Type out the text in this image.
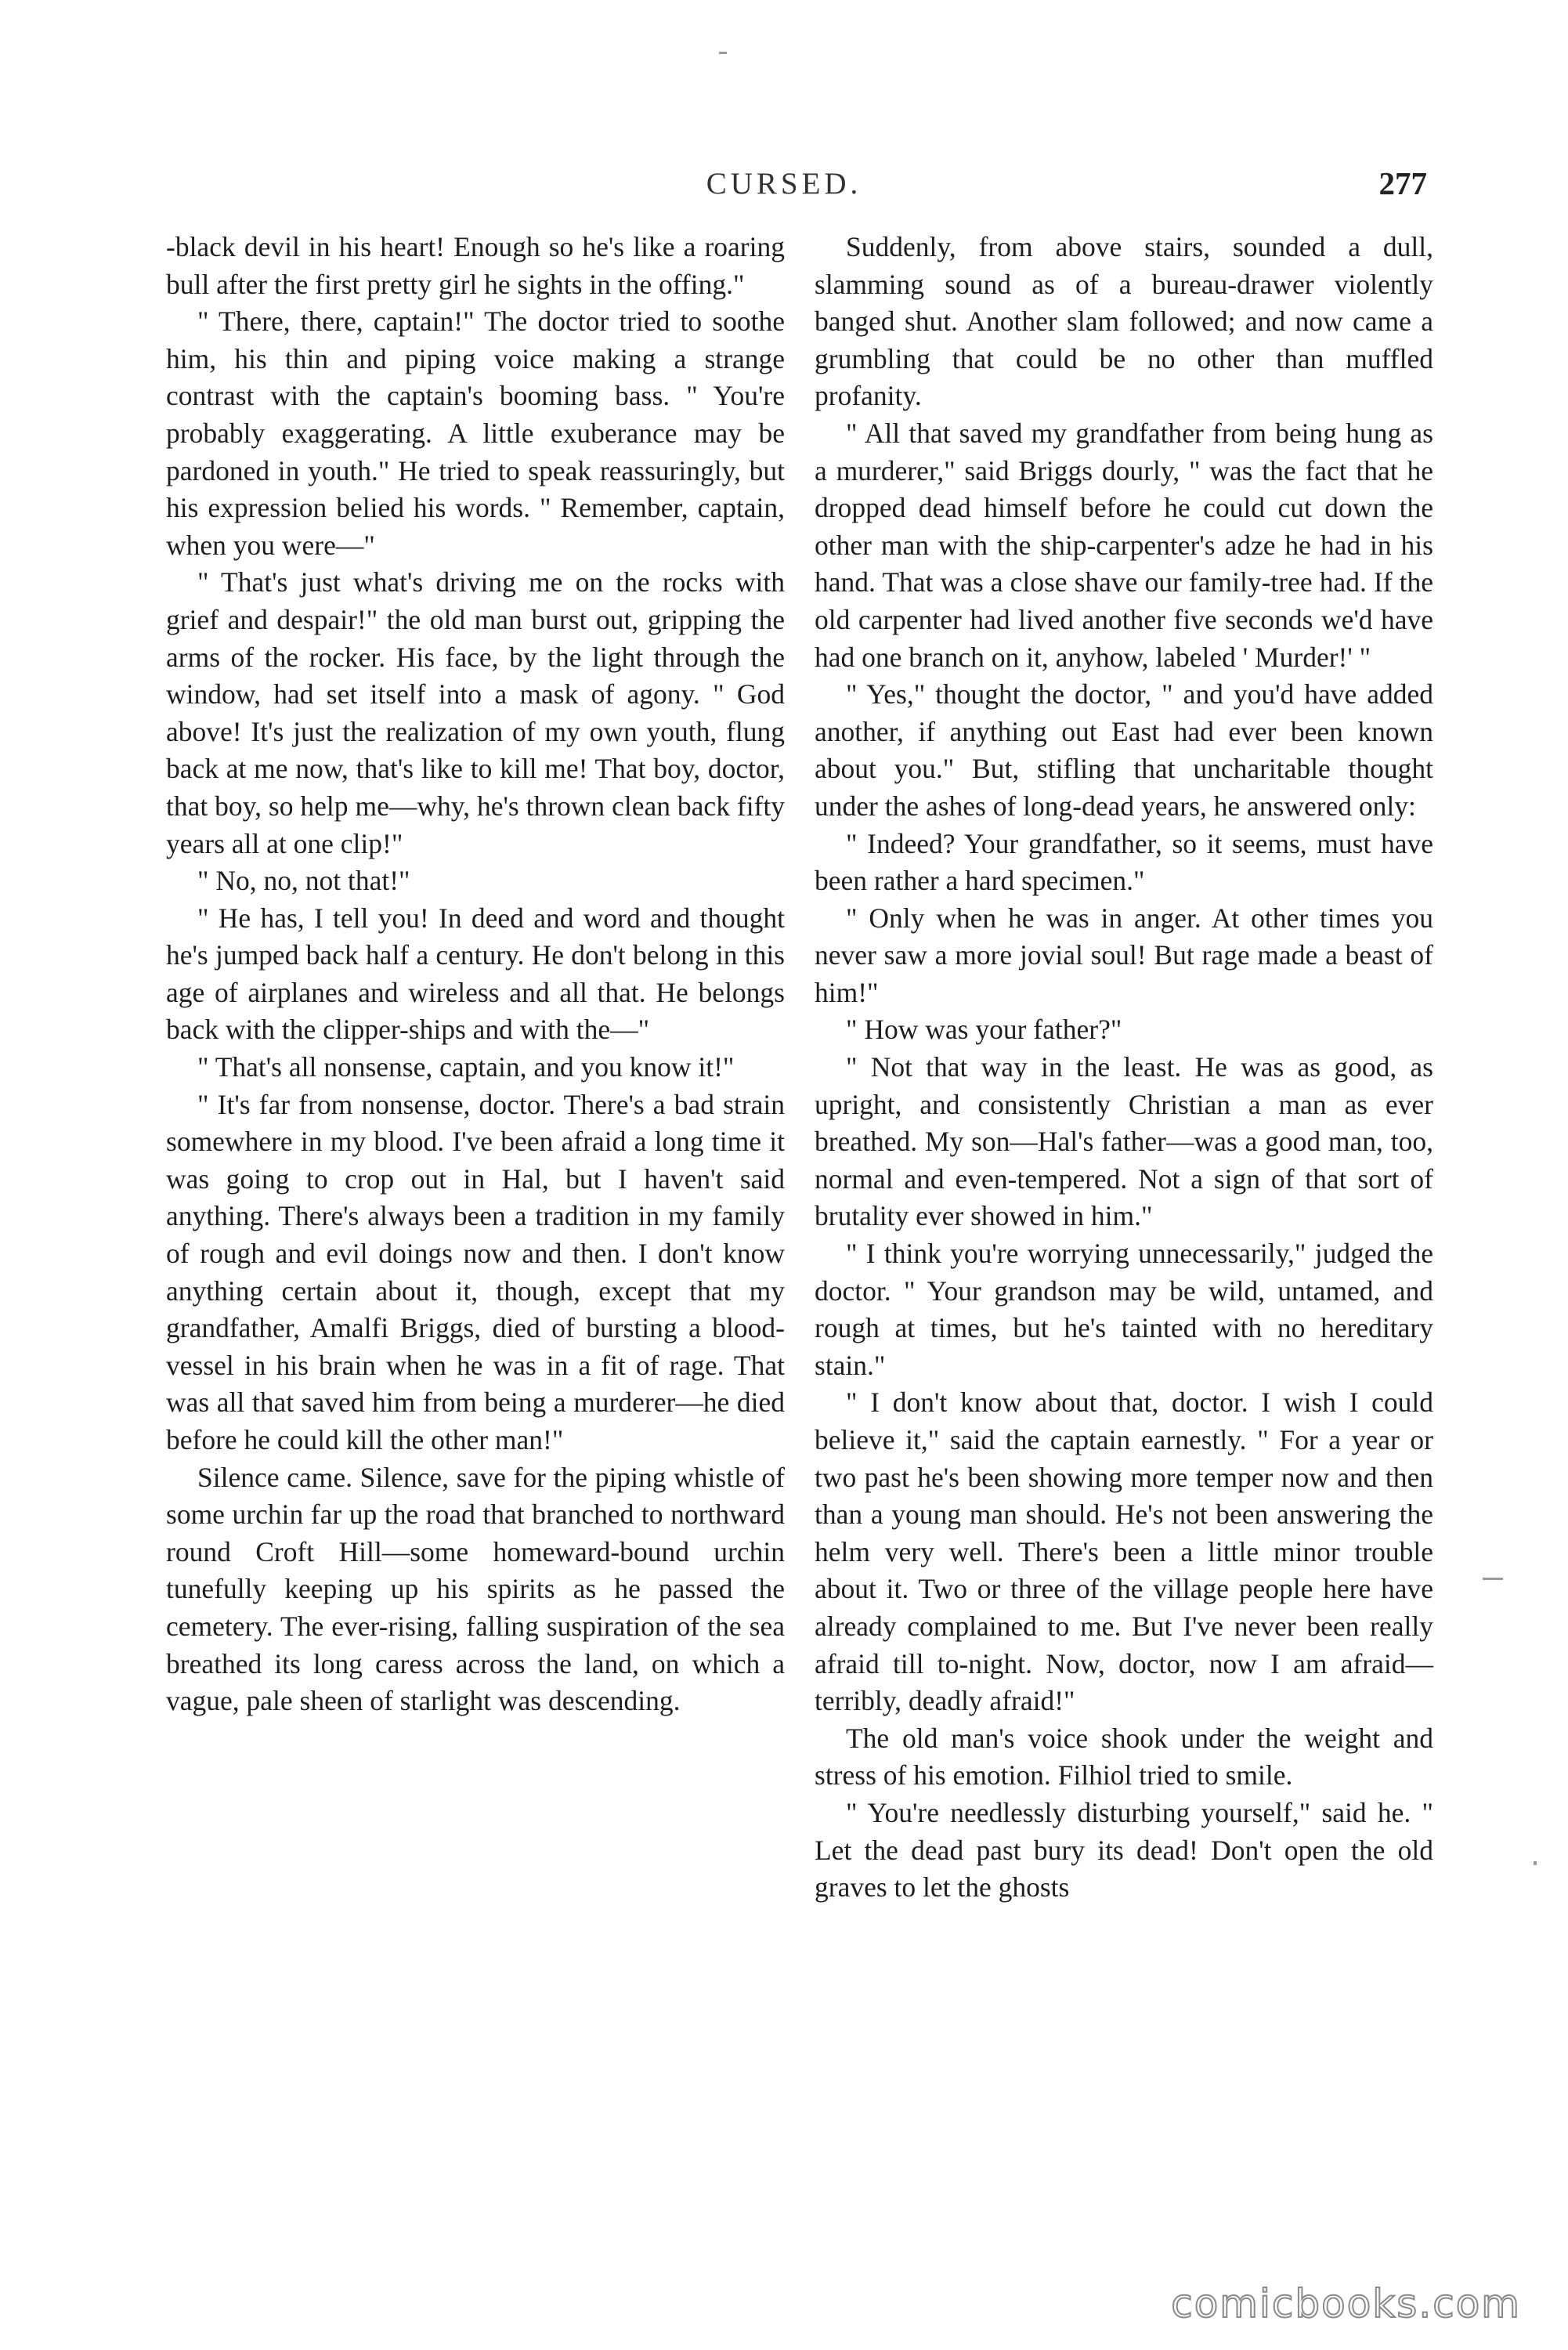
CURSED.	277

-black devil in his heart! Enough so he's like a roaring bull after the first pretty girl he sights in the offing."

" There, there, captain!" The doctor tried to soothe him, his thin and piping voice making a strange contrast with the captain's booming bass. " You're probably exaggerating. A little exuberance may be pardoned in youth." He tried to speak reassuringly, but his expression belied his words. " Remember, captain, when you were—"

" That's just what's driving me on the rocks with grief and despair!" the old man burst out, gripping the arms of the rocker. His face, by the light through the window, had set itself into a mask of agony. " God above! It's just the realization of my own youth, flung back at me now, that's like to kill me! That boy, doctor, that boy, so help me—why, he's thrown clean back fifty years all at one clip!"

" No, no, not that!"

" He has, I tell you! In deed and word and thought he's jumped back half a century. He don't belong in this age of airplanes and wireless and all that. He belongs back with the clipper-ships and with the—"

" That's all nonsense, captain, and you know it!"

" It's far from nonsense, doctor. There's a bad strain somewhere in my blood. I've been afraid a long time it was going to crop out in Hal, but I haven't said anything. There's always been a tradition in my family of rough and evil doings now and then. I don't know anything certain about it, though, except that my grandfather, Amalfi Briggs, died of bursting a blood-vessel in his brain when he was in a fit of rage. That was all that saved him from being a murderer—he died before he could kill the other man!"

Silence came. Silence, save for the piping whistle of some urchin far up the road that branched to northward round Croft Hill—some homeward-bound urchin tunefully keeping up his spirits as he passed the cemetery. The ever-rising, falling suspiration of the sea breathed its long caress across the land, on which a vague, pale sheen of starlight was descending.

Suddenly, from above stairs, sounded a dull, slamming sound as of a bureau-drawer violently banged shut. Another slam followed; and now came a grumbling that could be no other than muffled profanity.

" All that saved my grandfather from being hung as a murderer," said Briggs dourly, " was the fact that he dropped dead himself before he could cut down the other man with the ship-carpenter's adze he had in his hand. That was a close shave our family-tree had. If the old carpenter had lived another five seconds we'd have had one branch on it, anyhow, labeled ' Murder!' "

" Yes," thought the doctor, " and you'd have added another, if anything out East had ever been known about you." But, stifling that uncharitable thought under the ashes of long-dead years, he answered only:

" Indeed? Your grandfather, so it seems, must have been rather a hard specimen."

" Only when he was in anger. At other times you never saw a more jovial soul! But rage made a beast of him!"

" How was your father?"

" Not that way in the least. He was as good, as upright, and consistently Christian a man as ever breathed. My son—Hal's father—was a good man, too, normal and even-tempered. Not a sign of that sort of brutality ever showed in him."

" I think you're worrying unnecessarily," judged the doctor. " Your grandson may be wild, untamed, and rough at times, but he's tainted with no hereditary stain."

" I don't know about that, doctor. I wish I could believe it," said the captain earnestly. " For a year or two past he's been showing more temper now and then than a young man should. He's not been answering the helm very well. There's been a little minor trouble about it. Two or three of the village people here have already complained to me. But I've never been really afraid till to-night. Now, doctor, now I am afraid—terribly, deadly afraid!"

The old man's voice shook under the weight and stress of his emotion. Filhiol tried to smile.

" You're needlessly disturbing yourself," said he. " Let the dead past bury its dead! Don't open the old graves to let the ghosts

comicbooks.com
